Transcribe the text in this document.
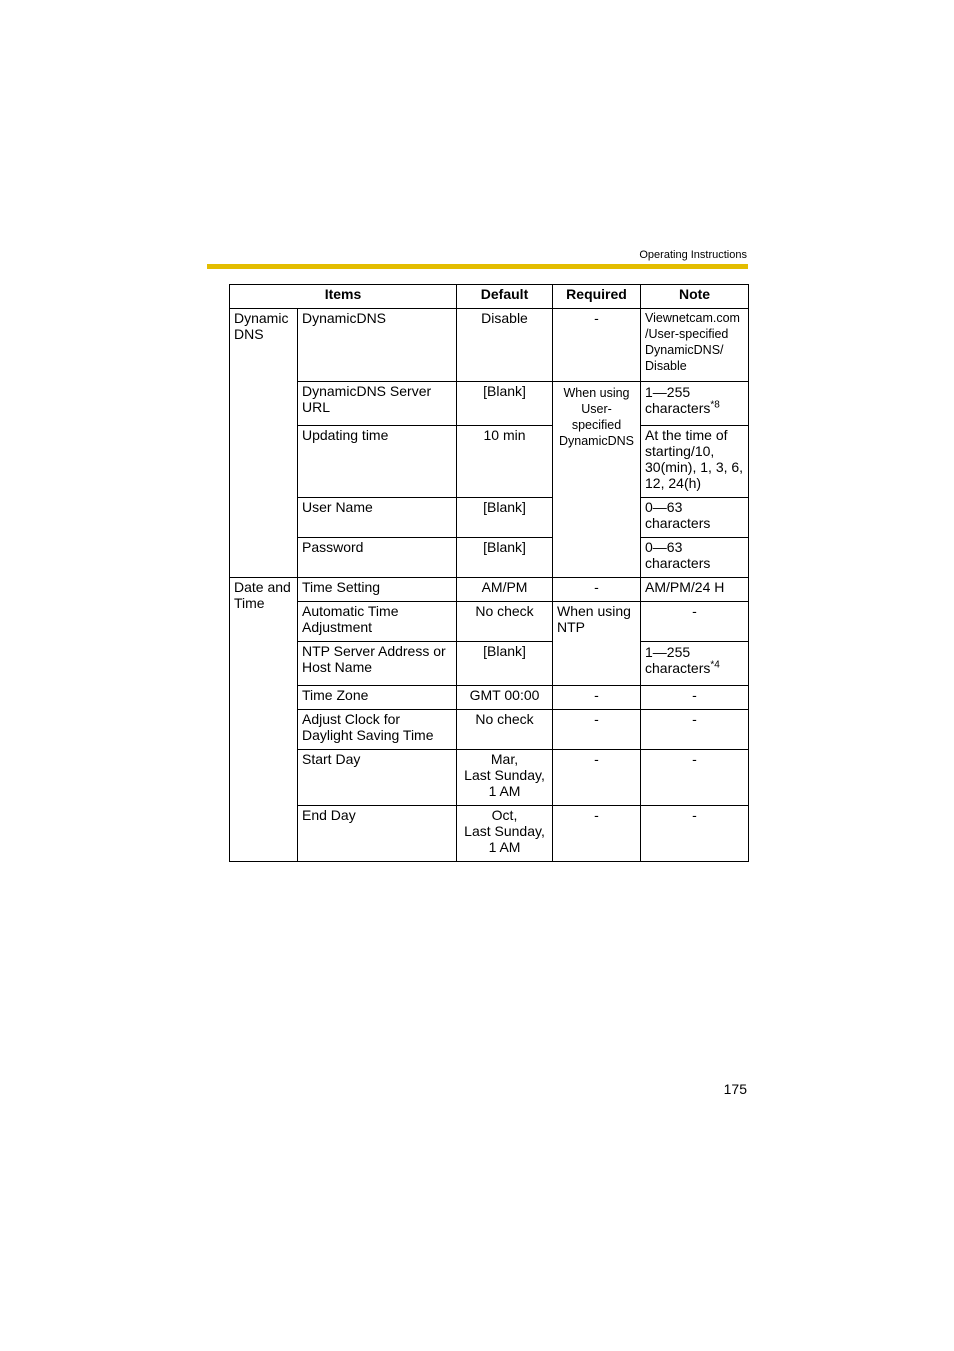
Operating Instructions
Items		Default	Required	Note
Dynamic DNS	DynamicDNS	Disable	-	Viewnetcam.com
/User-specified
DynamicDNS/
Disable
	DynamicDNS Server URL	[Blank]	When using
User-specified
DynamicDNS	1—255
characters$^{*8}$
	Updating time	10 min		At the time of starting/10, 30(min), 1, 3, 6, 12, 24(h)
	User Name	[Blank]		0—63 characters
	Password	[Blank]		0—63 characters
Date and Time	Time Setting	AM/PM	-	AM/PM/24 H
	Automatic Time Adjustment	No check	When using NTP	-
	NTP Server Address or Host Name	[Blank]		1—255
characters$^{*4}$
	Time Zone	GMT 00:00	-	-
	Adjust Clock for Daylight Saving Time	No check	-	-
	Start Day	Mar,
Last Sunday,
1 AM	-	-
	End Day	Oct,
Last Sunday,
1 AM	-	-
175
